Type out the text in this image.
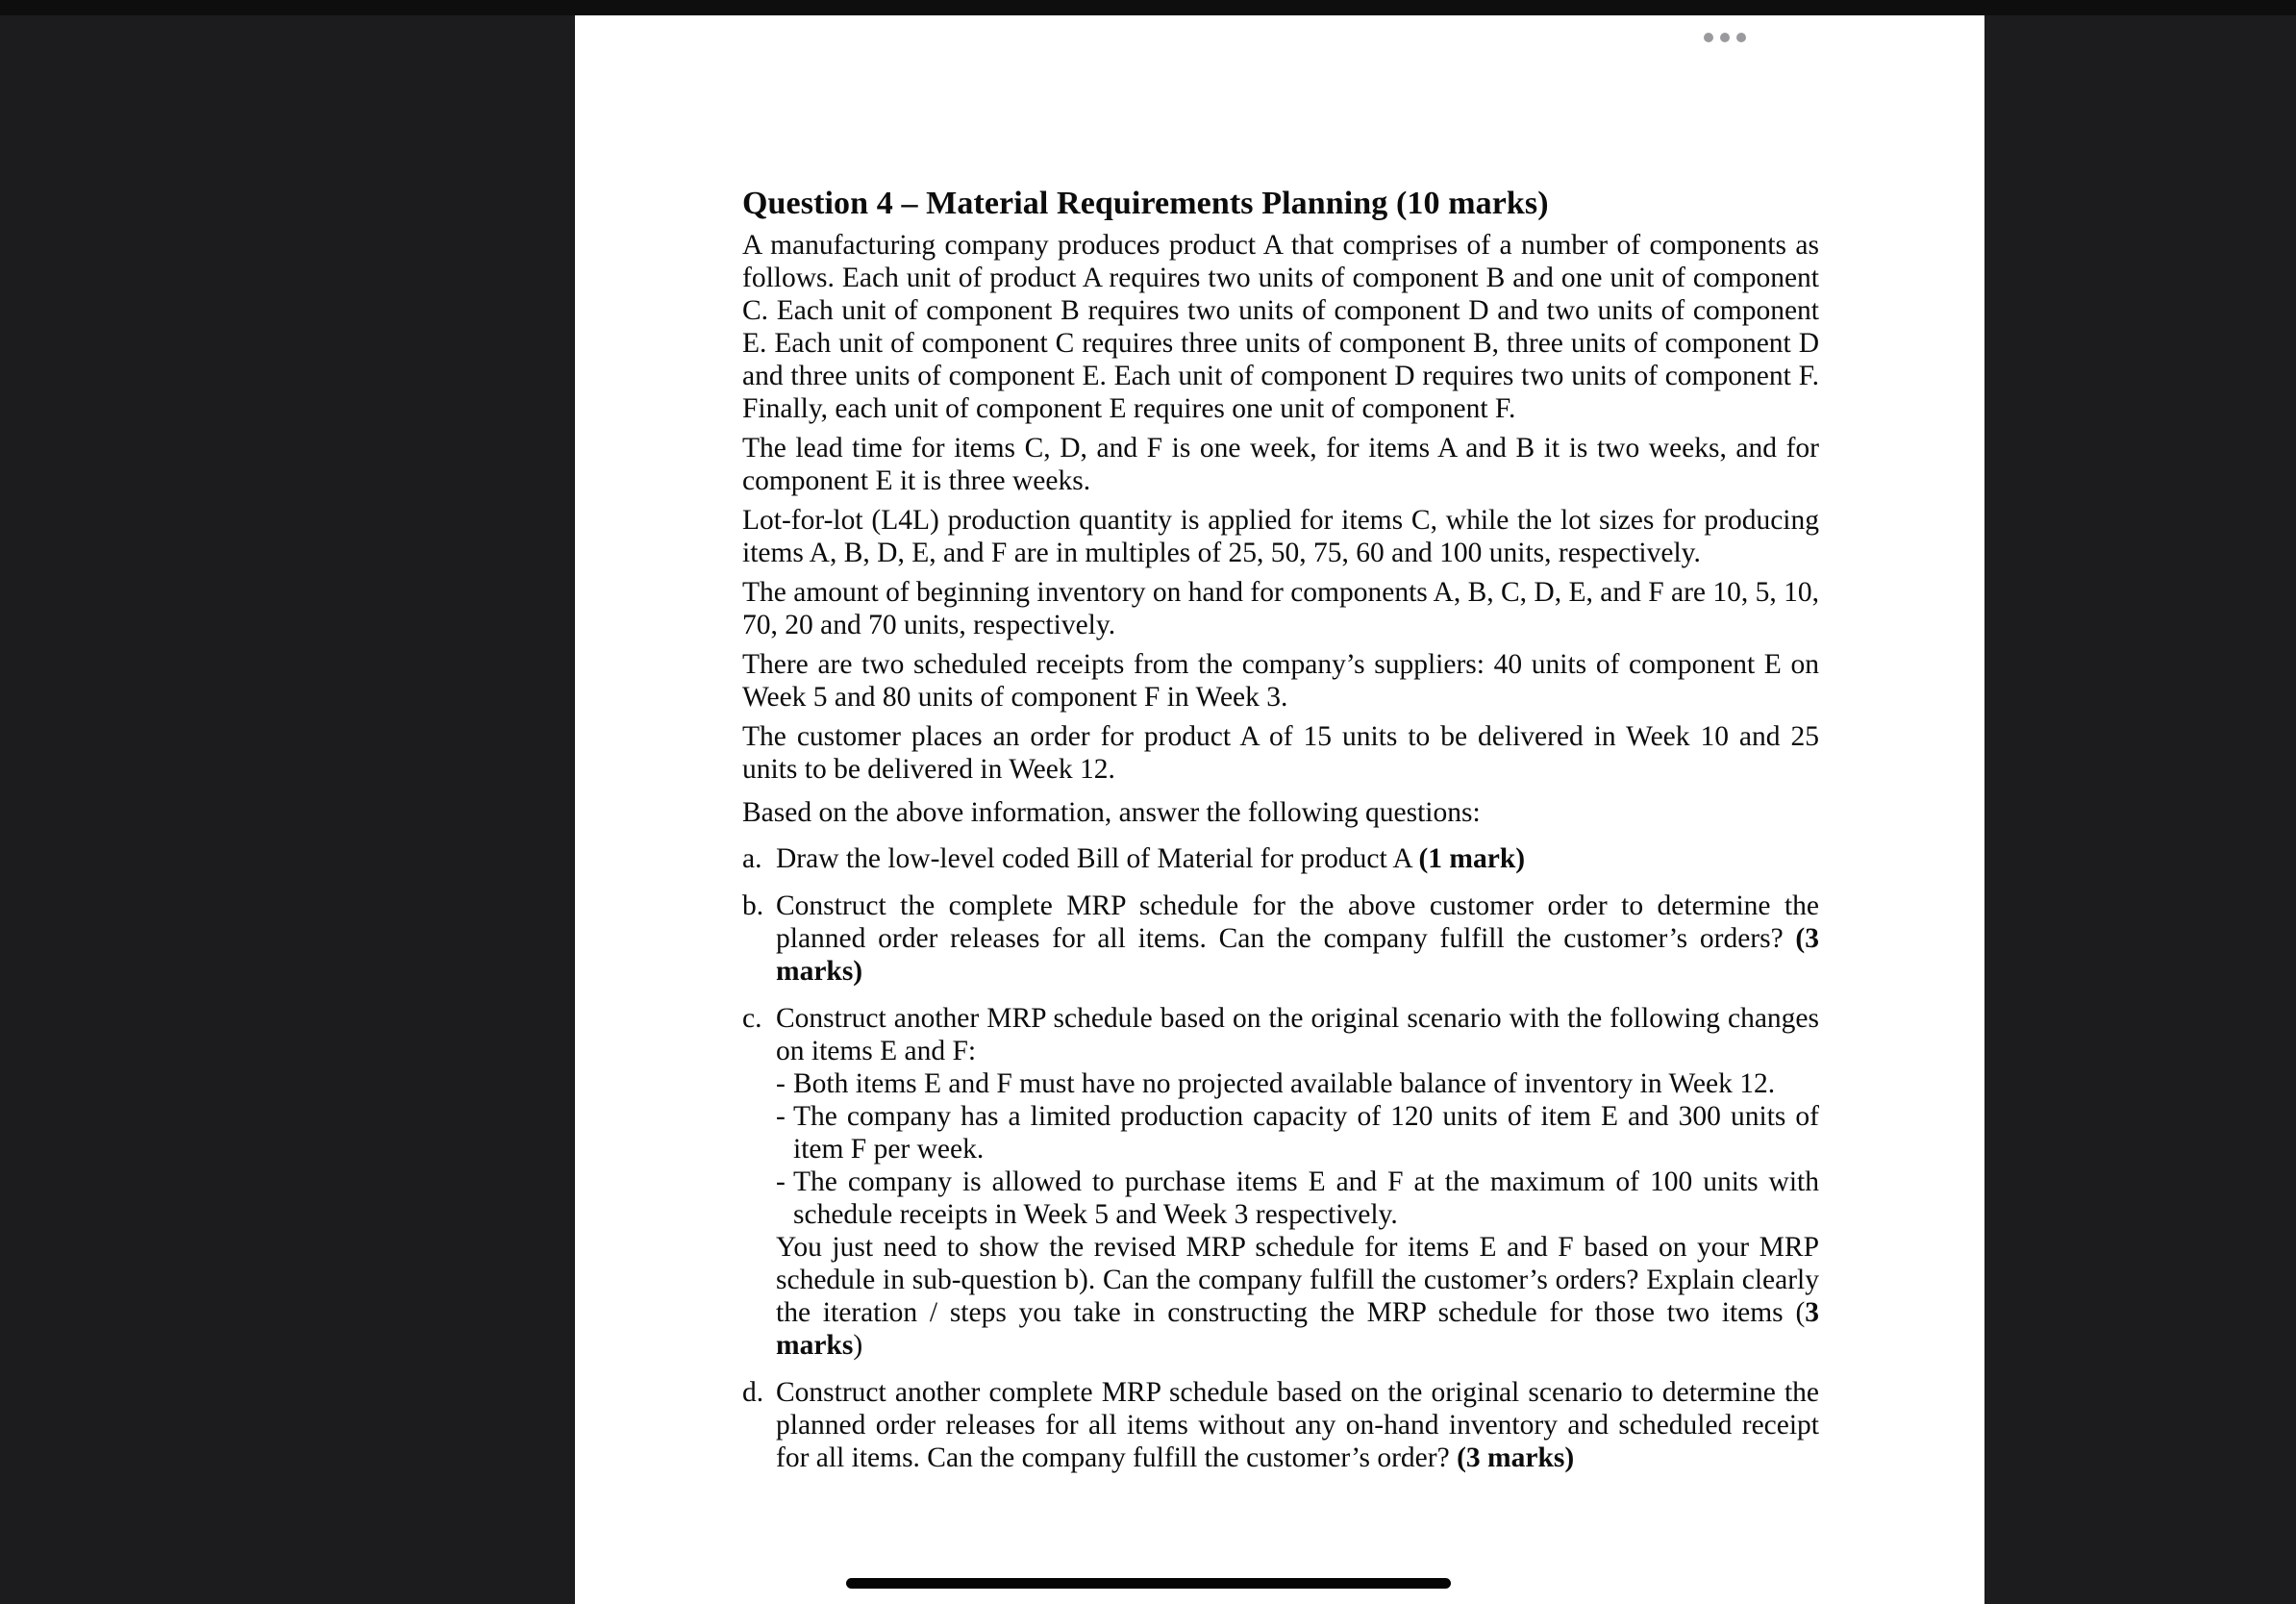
Question 4 – Material Requirements Planning (10 marks)

A manufacturing company produces product A that comprises of a number of components as follows. Each unit of product A requires two units of component B and one unit of component C. Each unit of component B requires two units of component D and two units of component E. Each unit of component C requires three units of component B, three units of component D and three units of component E. Each unit of component D requires two units of component F. Finally, each unit of component E requires one unit of component F.

The lead time for items C, D, and F is one week, for items A and B it is two weeks, and for component E it is three weeks.

Lot-for-lot (L4L) production quantity is applied for items C, while the lot sizes for producing items A, B, D, E, and F are in multiples of 25, 50, 75, 60 and 100 units, respectively.

The amount of beginning inventory on hand for components A, B, C, D, E, and F are 10, 5, 10, 70, 20 and 70 units, respectively.

There are two scheduled receipts from the company’s suppliers: 40 units of component E on Week 5 and 80 units of component F in Week 3.

The customer places an order for product A of 15 units to be delivered in Week 10 and 25 units to be delivered in Week 12.

Based on the above information, answer the following questions:

a. Draw the low-level coded Bill of Material for product A (1 mark)
b. Construct the complete MRP schedule for the above customer order to determine the planned order releases for all items. Can the company fulfill the customer’s orders? (3 marks)
c. Construct another MRP schedule based on the original scenario with the following changes on items E and F:
- Both items E and F must have no projected available balance of inventory in Week 12.
- The company has a limited production capacity of 120 units of item E and 300 units of item F per week.
- The company is allowed to purchase items E and F at the maximum of 100 units with schedule receipts in Week 5 and Week 3 respectively.
You just need to show the revised MRP schedule for items E and F based on your MRP schedule in sub-question b). Can the company fulfill the customer’s orders? Explain clearly the iteration / steps you take in constructing the MRP schedule for those two items (3 marks)
d. Construct another complete MRP schedule based on the original scenario to determine the planned order releases for all items without any on-hand inventory and scheduled receipt for all items. Can the company fulfill the customer’s order? (3 marks)
